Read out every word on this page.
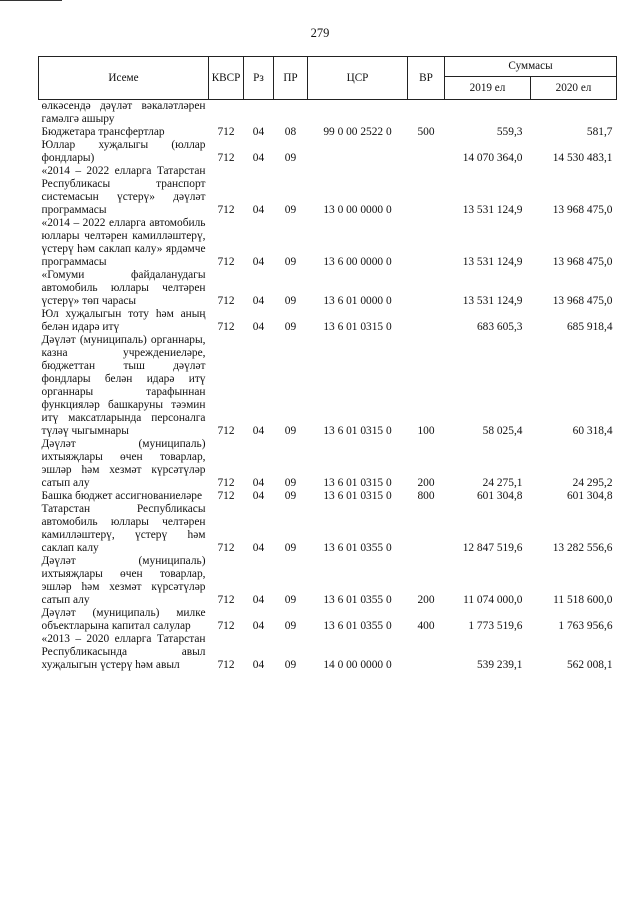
279
Исеме	КВСР	Рз	ПР	ЦСР	ВР	Суммасы	
						2019 ел	2020 ел
өлкәсендә дәүләт вәкаләтләрен гамәлгә ашыру							
Бюджетара трансфертлар	712	04	08	99 0 00 2522 0	500	559,3	581,7
Юллар хуҗалыгы (юллар фондлары)	712	04	09			14 070 364,0	14 530 483,1
«2014 – 2022 елларга Татарстан Республикасы транспорт системасын үстерү» дәүләт программасы	712	04	09	13 0 00 0000 0		13 531 124,9	13 968 475,0
«2014 – 2022 елларга автомобиль юллары челтәрен камилләштерү, үстерү һәм саклап калу» ярдәмче программасы	712	04	09	13 6 00 0000 0		13 531 124,9	13 968 475,0
«Гомуми файдаланудагы автомобиль юллары челтәрен үстерү» төп чарасы	712	04	09	13 6 01 0000 0		13 531 124,9	13 968 475,0
Юл хуҗалыгын тоту һәм аның белән идарә итү	712	04	09	13 6 01 0315 0		683 605,3	685 918,4
Дәүләт (муниципаль) органнары, казна учреждениеләре, бюджеттан тыш дәүләт фондлары белән идарә итү органнары тарафыннан функцияләр башкаруны тәэмин итү максатларында персоналга түләү чыгымнары	712	04	09	13 6 01 0315 0	100	58 025,4	60 318,4
Дәүләт (муниципаль) ихтыяҗлары өчен товарлар, эшләр һәм хезмәт күрсәтүләр сатып алу	712	04	09	13 6 01 0315 0	200	24 275,1	24 295,2
Башка бюджет ассигнованиеләре	712	04	09	13 6 01 0315 0	800	601 304,8	601 304,8
Татарстан Республикасы автомобиль юллары челтәрен камилләштерү, үстерү һәм саклап калу	712	04	09	13 6 01 0355 0		12 847 519,6	13 282 556,6
Дәүләт (муниципаль) ихтыяҗлары өчен товарлар, эшләр һәм хезмәт күрсәтүләр сатып алу	712	04	09	13 6 01 0355 0	200	11 074 000,0	11 518 600,0
Дәүләт (муниципаль) милке объектларына капитал салулар	712	04	09	13 6 01 0355 0	400	1 773 519,6	1 763 956,6
«2013 – 2020 елларга Татарстан Республикасында авыл хуҗалыгын үстерү һәм авыл	712	04	09	14 0 00 0000 0		539 239,1	562 008,1
